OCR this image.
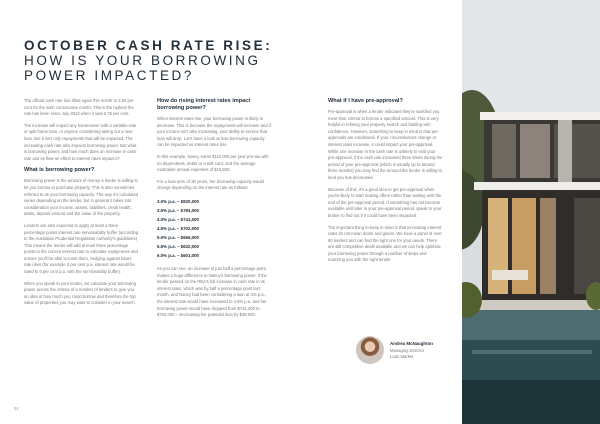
OCTOBER CASH RATE RISE:
HOW IS YOUR BORROWING
POWER IMPACTED?

The official cash rate has lifted again this month to 2.60 per cent for the sixth consecutive month. This is the highest the rate has been since July 2013 when it was 2.75 per cent.

The increase will impact any homeowner with a variable-rate or split home loan, or anyone considering taking out a new loan. But it isn't only repayments that will be impacted. The increasing cash rate also impacts borrowing power. But what is borrowing power, and how much does an increase in cash rate and its flow-on effect to interest rates impact it?

What is borrowing power?

Borrowing power is the amount of money a lender is willing to let you borrow to purchase property. This is also sometimes referred to as your borrowing capacity. The way it's calculated varies depending on the lender, but in general it takes into consideration your income, assets, liabilities, credit health, debts, deposit amount and the value of the property.

Lenders are also expected to apply at least a three percentage points interest rate serviceability buffer (according to the Australian Prudential Regulation Authority's guidelines). This means the lender will add at least three percentage points to the current interest rate to calculate repayments and ensure you'll be able to meet them, hedging against future rate rises (for example 3 per cent p.a. interest rate would be rated to 6 per cent p.a. with the serviceability buffer).

When you speak to your lender, we calculate your borrowing power across the criteria of a number of lenders to give you an idea of how much you could borrow and therefore the top value of properties you may want to consider in your search.

How do rising interest rates impact borrowing power?

When interest rates rise, your borrowing power is likely to decrease. This is because the repayments will increase and if your income isn't also increasing, your ability to service that loan will drop. Let's have a look at how borrowing capacity can be impacted as interest rates rise.

In this example, Nancy earns $110,000 per year pre-tax with no dependents, debts or credit card, and the average Australian annual expenses of $16,500.

For a loan term of 30 years, her borrowing capacity would change depending on the interest rate as follows:

3.0% p.a. – $830,000
3.5% p.a. – $784,000
4.0% p.a. – $741,000
4.5% p.a. – $702,000
5.0% p.a. – $666,000
5.5% p.a. – $632,000
6.0% p.a. – $601,000

As you can see, an increase of just half a percentage point makes a huge difference to Nancy's borrowing power. If the lender passed on the RBA's full increase in cash rate in its interest rates, which was by half a percentage point last month, and Nancy had been considering a loan at 4% p.a., the interest rate would have increased to 4.5% p.a. and her borrowing power would have dropped from $741,000 to $702,000 – decreasing her potential loan by $39,000.

What if I have pre-approval?

Pre-approval is when a lender indicates they're satisfied you meet their criteria to borrow a specified amount. This is very helpful in refining your property search and bidding with confidence. However, something to keep in mind is that pre-approvals are conditional. If your circumstances change or interest rates increase, it could impact your pre-approval. While one increase in the cash rate is unlikely to void your pre-approval, if the cash rate increased three times during the period of your pre-approval (which is usually up to around three months) you may find the amount the lender is willing to lend you has decreased.

Because of this, it's a good idea to get pre-approval when you're likely to start making offers rather than waiting until the end of the pre-approval period. If something has not become available until later in your pre-approval period, speak to your broker to find out if it could have been impacted.

The important thing to keep in mind is that increasing interest rates do not mean doom and gloom. We have a panel of over 60 lenders and can find the right one for your needs. There are still competitive deals available and we can help optimise your borrowing power through a number of steps and matching you with the right lender.

Andrea McNaughton
Managing Director
Loan Market
02
